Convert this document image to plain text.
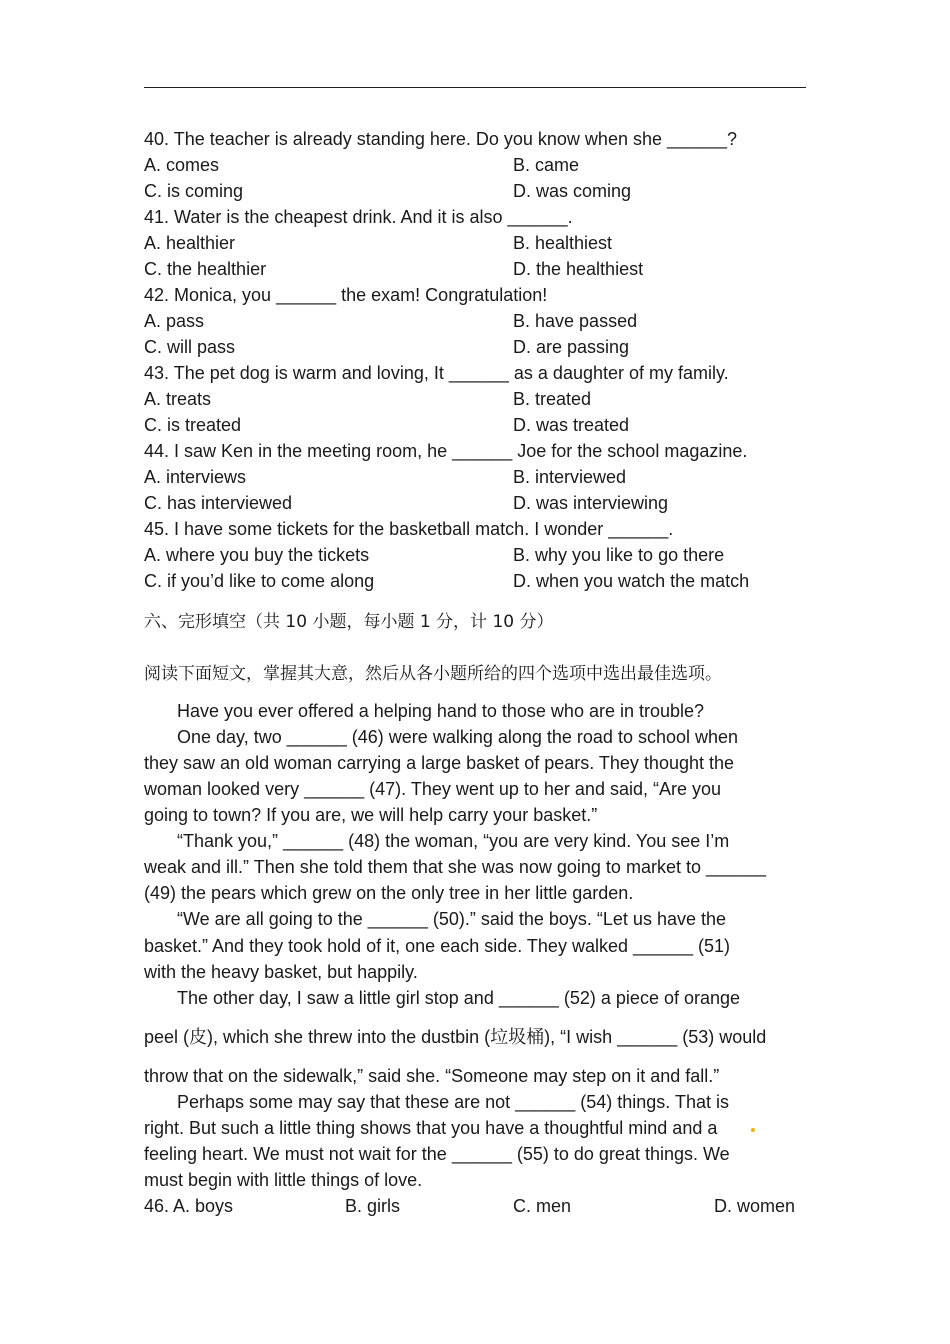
40. The teacher is already standing here. Do you know when she ______?
A. comes	B. came
C. is coming	D. was coming
41. Water is the cheapest drink. And it is also ______.
A. healthier	B. healthiest
C. the healthier	D. the healthiest
42. Monica, you ______ the exam! Congratulation!
A. pass	B. have passed
C. will pass	D. are passing
43. The pet dog is warm and loving, It ______ as a daughter of my family.
A. treats	B. treated
C. is treated	D. was treated
44. I saw Ken in the meeting room, he ______ Joe for the school magazine.
A. interviews	B. interviewed
C. has interviewed	D. was interviewing
45. I have some tickets for the basketball match. I wonder ______.
A. where you buy the tickets	B. why you like to go there
C. if you’d like to come along	D. when you watch the match
六、完形填空（共 10 小题，每小题 1 分，计 10 分）
阅读下面短文，掌握其大意，然后从各小题所给的四个选项中选出最佳选项。
Have you ever offered a helping hand to those who are in trouble?
One day, two ______ (46) were walking along the road to school when
they saw an old woman carrying a large basket of pears. They thought the
woman looked very ______ (47). They went up to her and said, “Are you
going to town? If you are, we will help carry your basket.”
“Thank you,” ______ (48) the woman, “you are very kind. You see I’m
weak and ill.” Then she told them that she was now going to market to ______
(49) the pears which grew on the only tree in her little garden.
“We are all going to the ______ (50).” said the boys. “Let us have the
basket.” And they took hold of it, one each side. They walked ______ (51)
with the heavy basket, but happily.
The other day, I saw a little girl stop and ______ (52) a piece of orange
peel (皮), which she threw into the dustbin (垃圾桶), “I wish ______ (53) would
throw that on the sidewalk,” said she. “Someone may step on it and fall.”
Perhaps some may say that these are not ______ (54) things. That is
right. But such a little thing shows that you have a thoughtful mind and a
feeling heart. We must not wait for the ______ (55) to do great things. We
must begin with little things of love.
46. A. boys	B. girls	C. men	D. women
